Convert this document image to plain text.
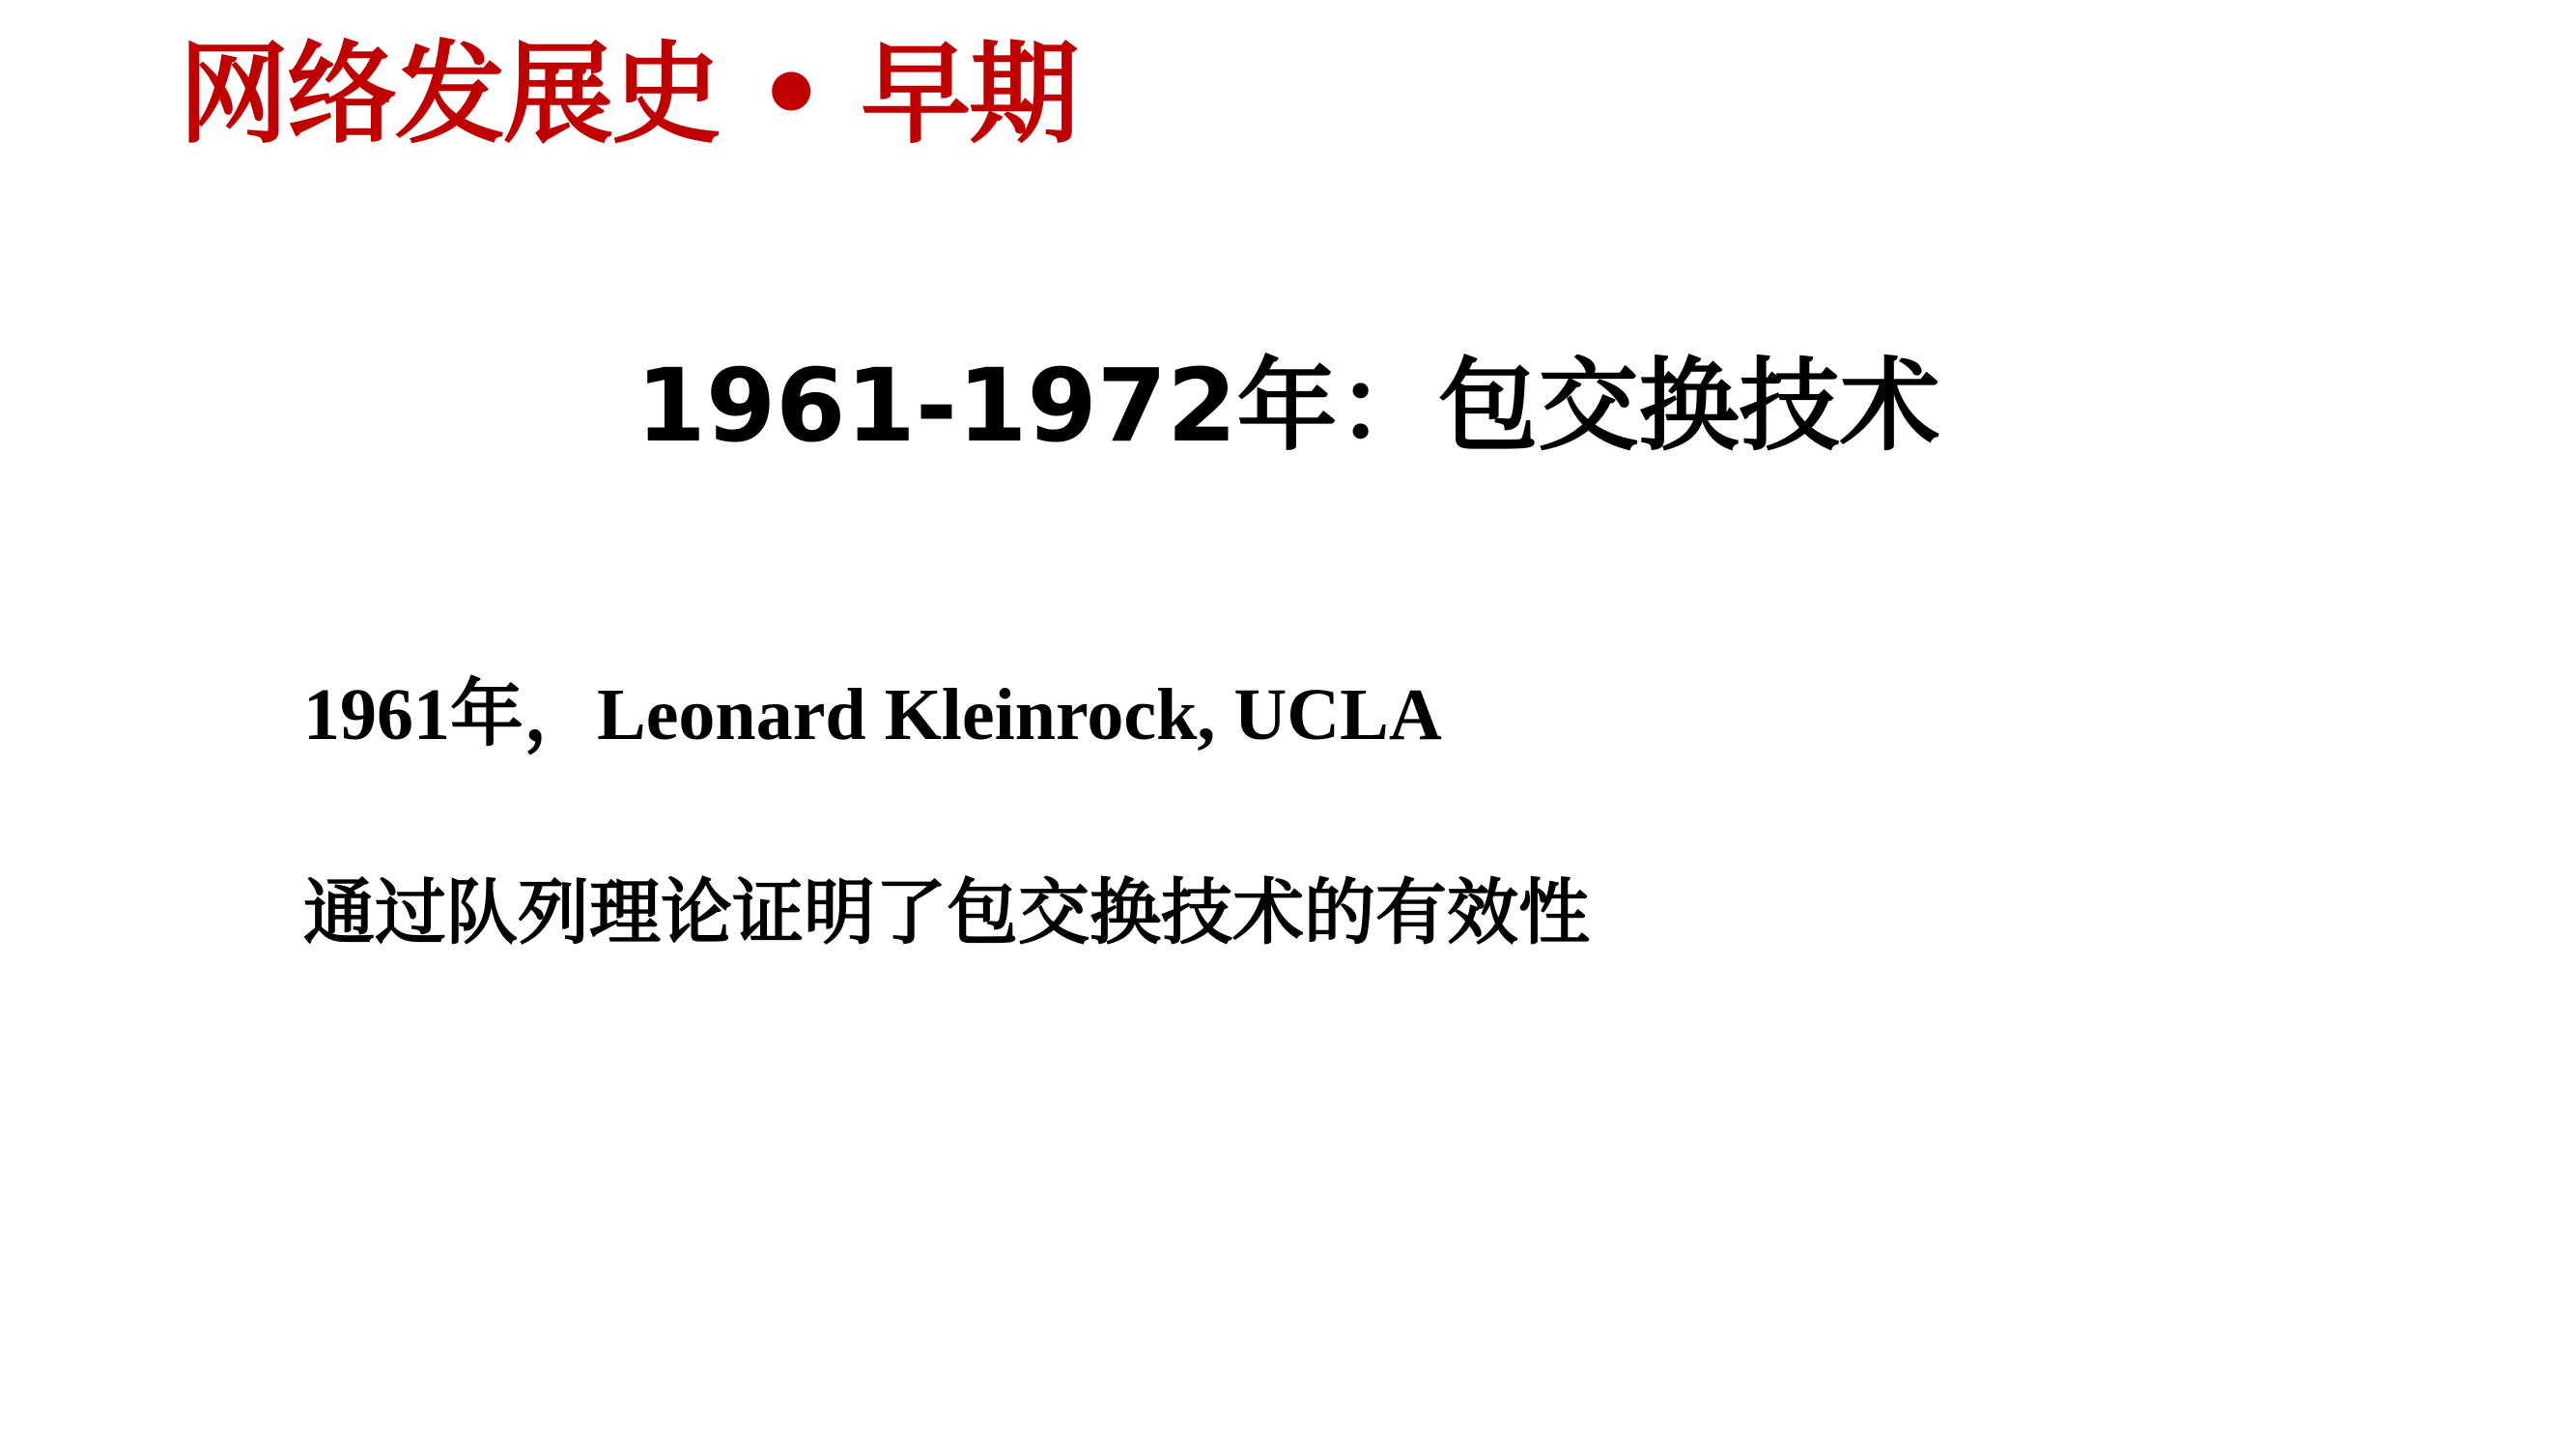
网络发展史 • 早期
1961-1972年：包交换技术
1961年，Leonard Kleinrock, UCLA
通过队列理论证明了包交换技术的有效性
